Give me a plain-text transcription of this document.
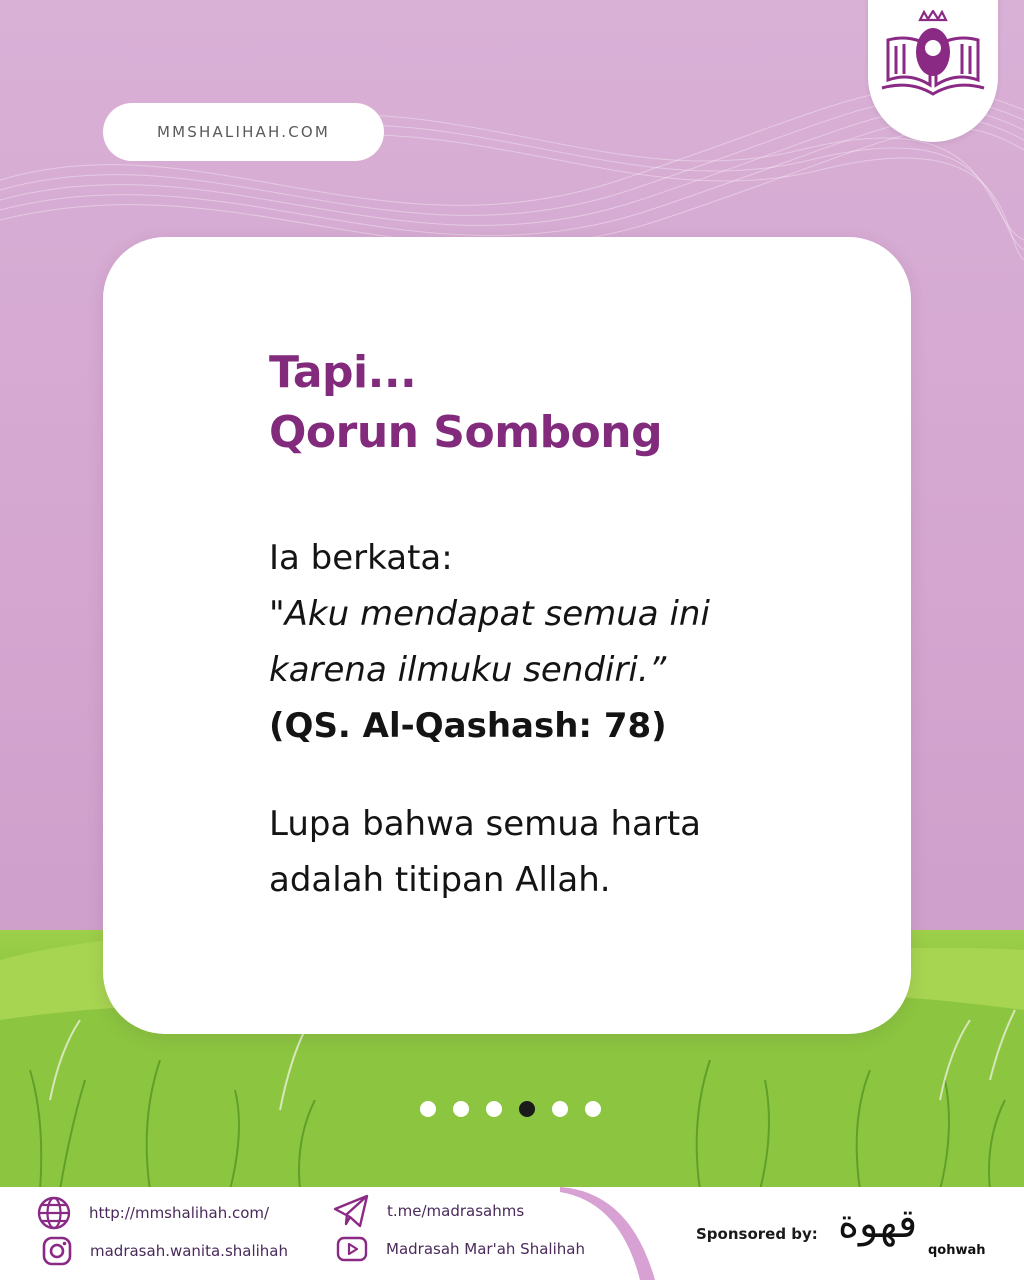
MMSHALIHAH.COM
Tapi...
Qorun Sombong
Ia berkata:
"Aku mendapat semua ini
karena ilmuku sendiri.”
(QS. Al-Qashash: 78)
Lupa bahwa semua harta
adalah titipan Allah.
http://mmshalihah.com/
madrasah.wanita.shalihah
t.me/madrasahms
Madrasah Mar'ah Shalihah
Sponsored by: قهوة
qohwah
